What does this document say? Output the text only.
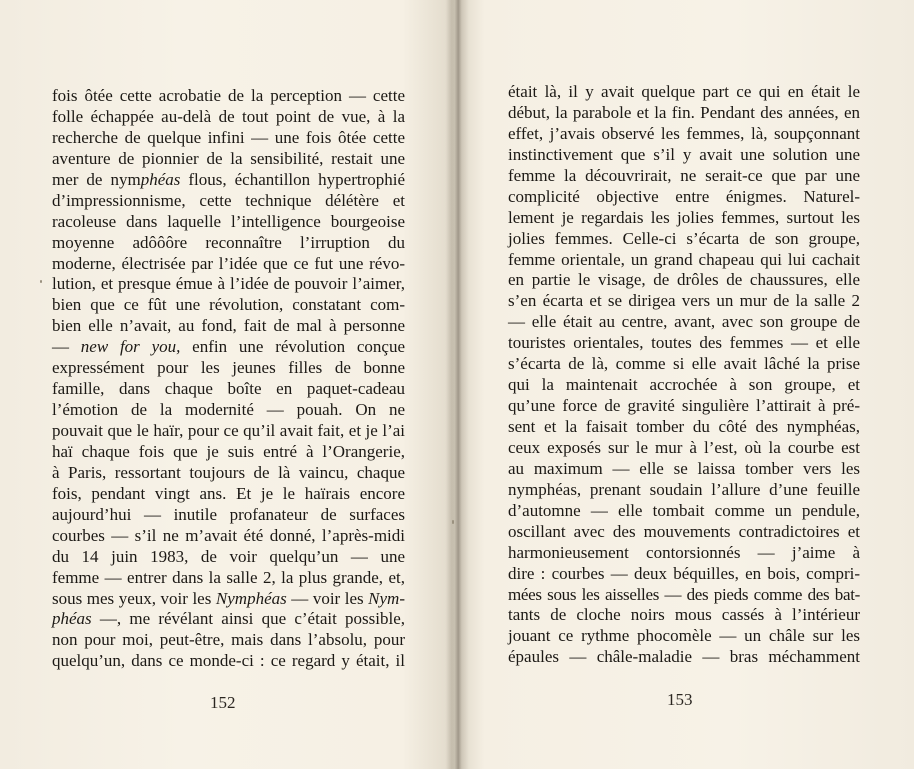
fois ôtée cette acrobatie de la perception — cette
folle échappée au-delà de tout point de vue, à la
recherche de quelque infini — une fois ôtée cette
aventure de pionnier de la sensibilité, restait une
mer de nymphéas flous, échantillon hypertrophié
d’impressionnisme, cette technique délétère et
racoleuse dans laquelle l’intelligence bourgeoise
moyenne adôôôre reconnaître l’irruption du
moderne, électrisée par l’idée que ce fut une révo-
lution, et presque émue à l’idée de pouvoir l’aimer,
bien que ce fût une révolution, constatant com-
bien elle n’avait, au fond, fait de mal à personne
— new for you, enfin une révolution conçue
expressément pour les jeunes filles de bonne
famille, dans chaque boîte en paquet-cadeau
l’émotion de la modernité — pouah. On ne
pouvait que le haïr, pour ce qu’il avait fait, et je l’ai
haï chaque fois que je suis entré à l’Orangerie,
à Paris, ressortant toujours de là vaincu, chaque
fois, pendant vingt ans. Et je le haïrais encore
aujourd’hui — inutile profanateur de surfaces
courbes — s’il ne m’avait été donné, l’après-midi
du 14 juin 1983, de voir quelqu’un — une
femme — entrer dans la salle 2, la plus grande, et,
sous mes yeux, voir les Nymphéas — voir les Nym-
phéas —, me révélant ainsi que c’était possible,
non pour moi, peut-être, mais dans l’absolu, pour
quelqu’un, dans ce monde-ci : ce regard y était, il
152
était là, il y avait quelque part ce qui en était le
début, la parabole et la fin. Pendant des années, en
effet, j’avais observé les femmes, là, soupçonnant
instinctivement que s’il y avait une solution une
femme la découvrirait, ne serait-ce que par une
complicité objective entre énigmes. Naturel-
lement je regardais les jolies femmes, surtout les
jolies femmes. Celle-ci s’écarta de son groupe,
femme orientale, un grand chapeau qui lui cachait
en partie le visage, de drôles de chaussures, elle
s’en écarta et se dirigea vers un mur de la salle 2
— elle était au centre, avant, avec son groupe de
touristes orientales, toutes des femmes — et elle
s’écarta de là, comme si elle avait lâché la prise
qui la maintenait accrochée à son groupe, et
qu’une force de gravité singulière l’attirait à pré-
sent et la faisait tomber du côté des nymphéas,
ceux exposés sur le mur à l’est, où la courbe est
au maximum — elle se laissa tomber vers les
nymphéas, prenant soudain l’allure d’une feuille
d’automne — elle tombait comme un pendule,
oscillant avec des mouvements contradictoires et
harmonieusement contorsionnés — j’aime à
dire : courbes — deux béquilles, en bois, compri-
mées sous les aisselles — des pieds comme des bat-
tants de cloche noirs mous cassés à l’intérieur
jouant ce rythme phocomèle — un châle sur les
épaules — châle-maladie — bras méchamment
153
